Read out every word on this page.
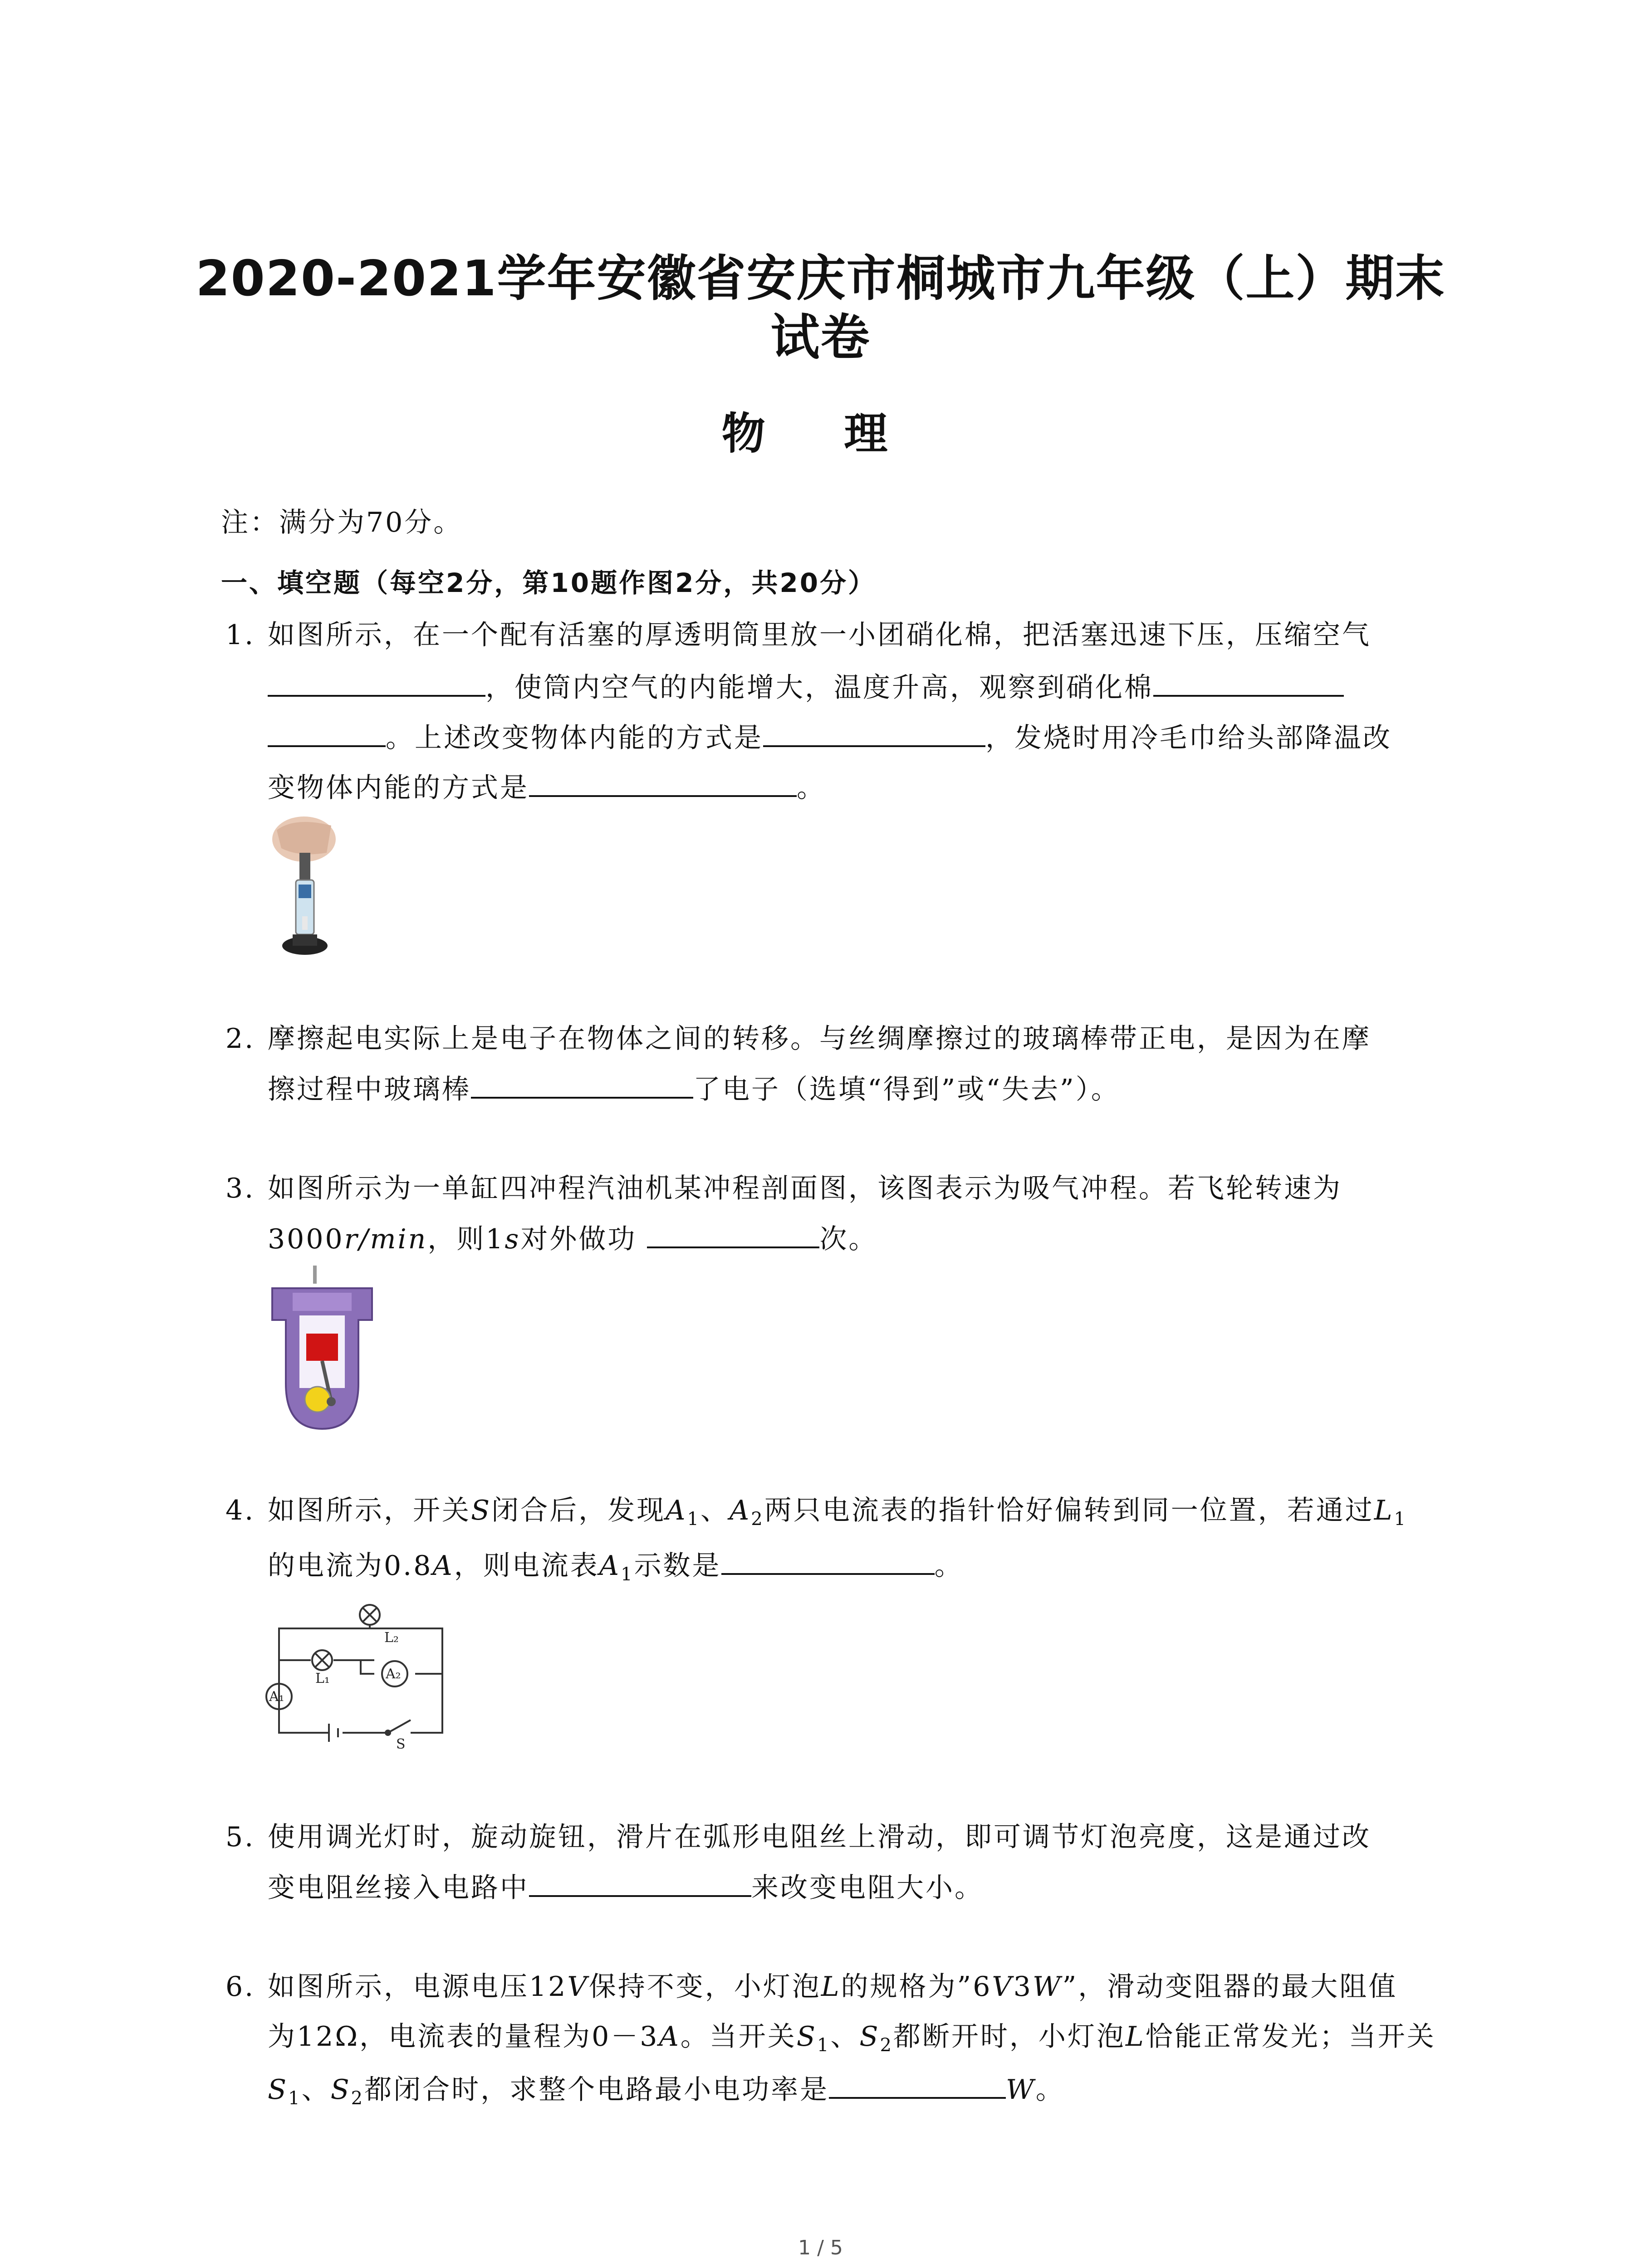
2020-2021学年安徽省安庆市桐城市九年级（上）期末
试卷
物 理
注：满分为70分。
一、填空题（每空2分，第10题作图2分，共20分）
1. 如图所示，在一个配有活塞的厚透明筒里放一小团硝化棉，把活塞迅速下压，压缩空气
，使筒内空气的内能增大，温度升高，观察到硝化棉
。上述改变物体内能的方式是	，发烧时用冷毛巾给头部降温改
变物体内能的方式是	。
2. 摩擦起电实际上是电子在物体之间的转移。与丝绸摩擦过的玻璃棒带正电，是因为在摩
擦过程中玻璃棒	了电子（选填“得到”或“失去”）。
3. 如图所示为一单缸四冲程汽油机某冲程剖面图，该图表示为吸气冲程。若飞轮转速为
3000r/min，则1s对外做功	次。
4. 如图所示，开关S闭合后，发现$A_1$、$A_2$两只电流表的指针恰好偏转到同一位置，若通过$L_1$
的电流为0.8A，则电流表$A_1$示数是	。
L₂
A₂
L₁
A₁
S
5. 使用调光灯时，旋动旋钮，滑片在弧形电阻丝上滑动，即可调节灯泡亮度，这是通过改
变电阻丝接入电路中	来改变电阻大小。
6. 如图所示，电源电压12V保持不变，小灯泡L的规格为”6V3W”，滑动变阻器的最大阻值
为12Ω，电流表的量程为0－3A。当开关$S_1$、$S_2$都断开时，小灯泡L恰能正常发光；当开关
$S_1$、$S_2$都闭合时，求整个电路最小电功率是	W。
1 / 5
